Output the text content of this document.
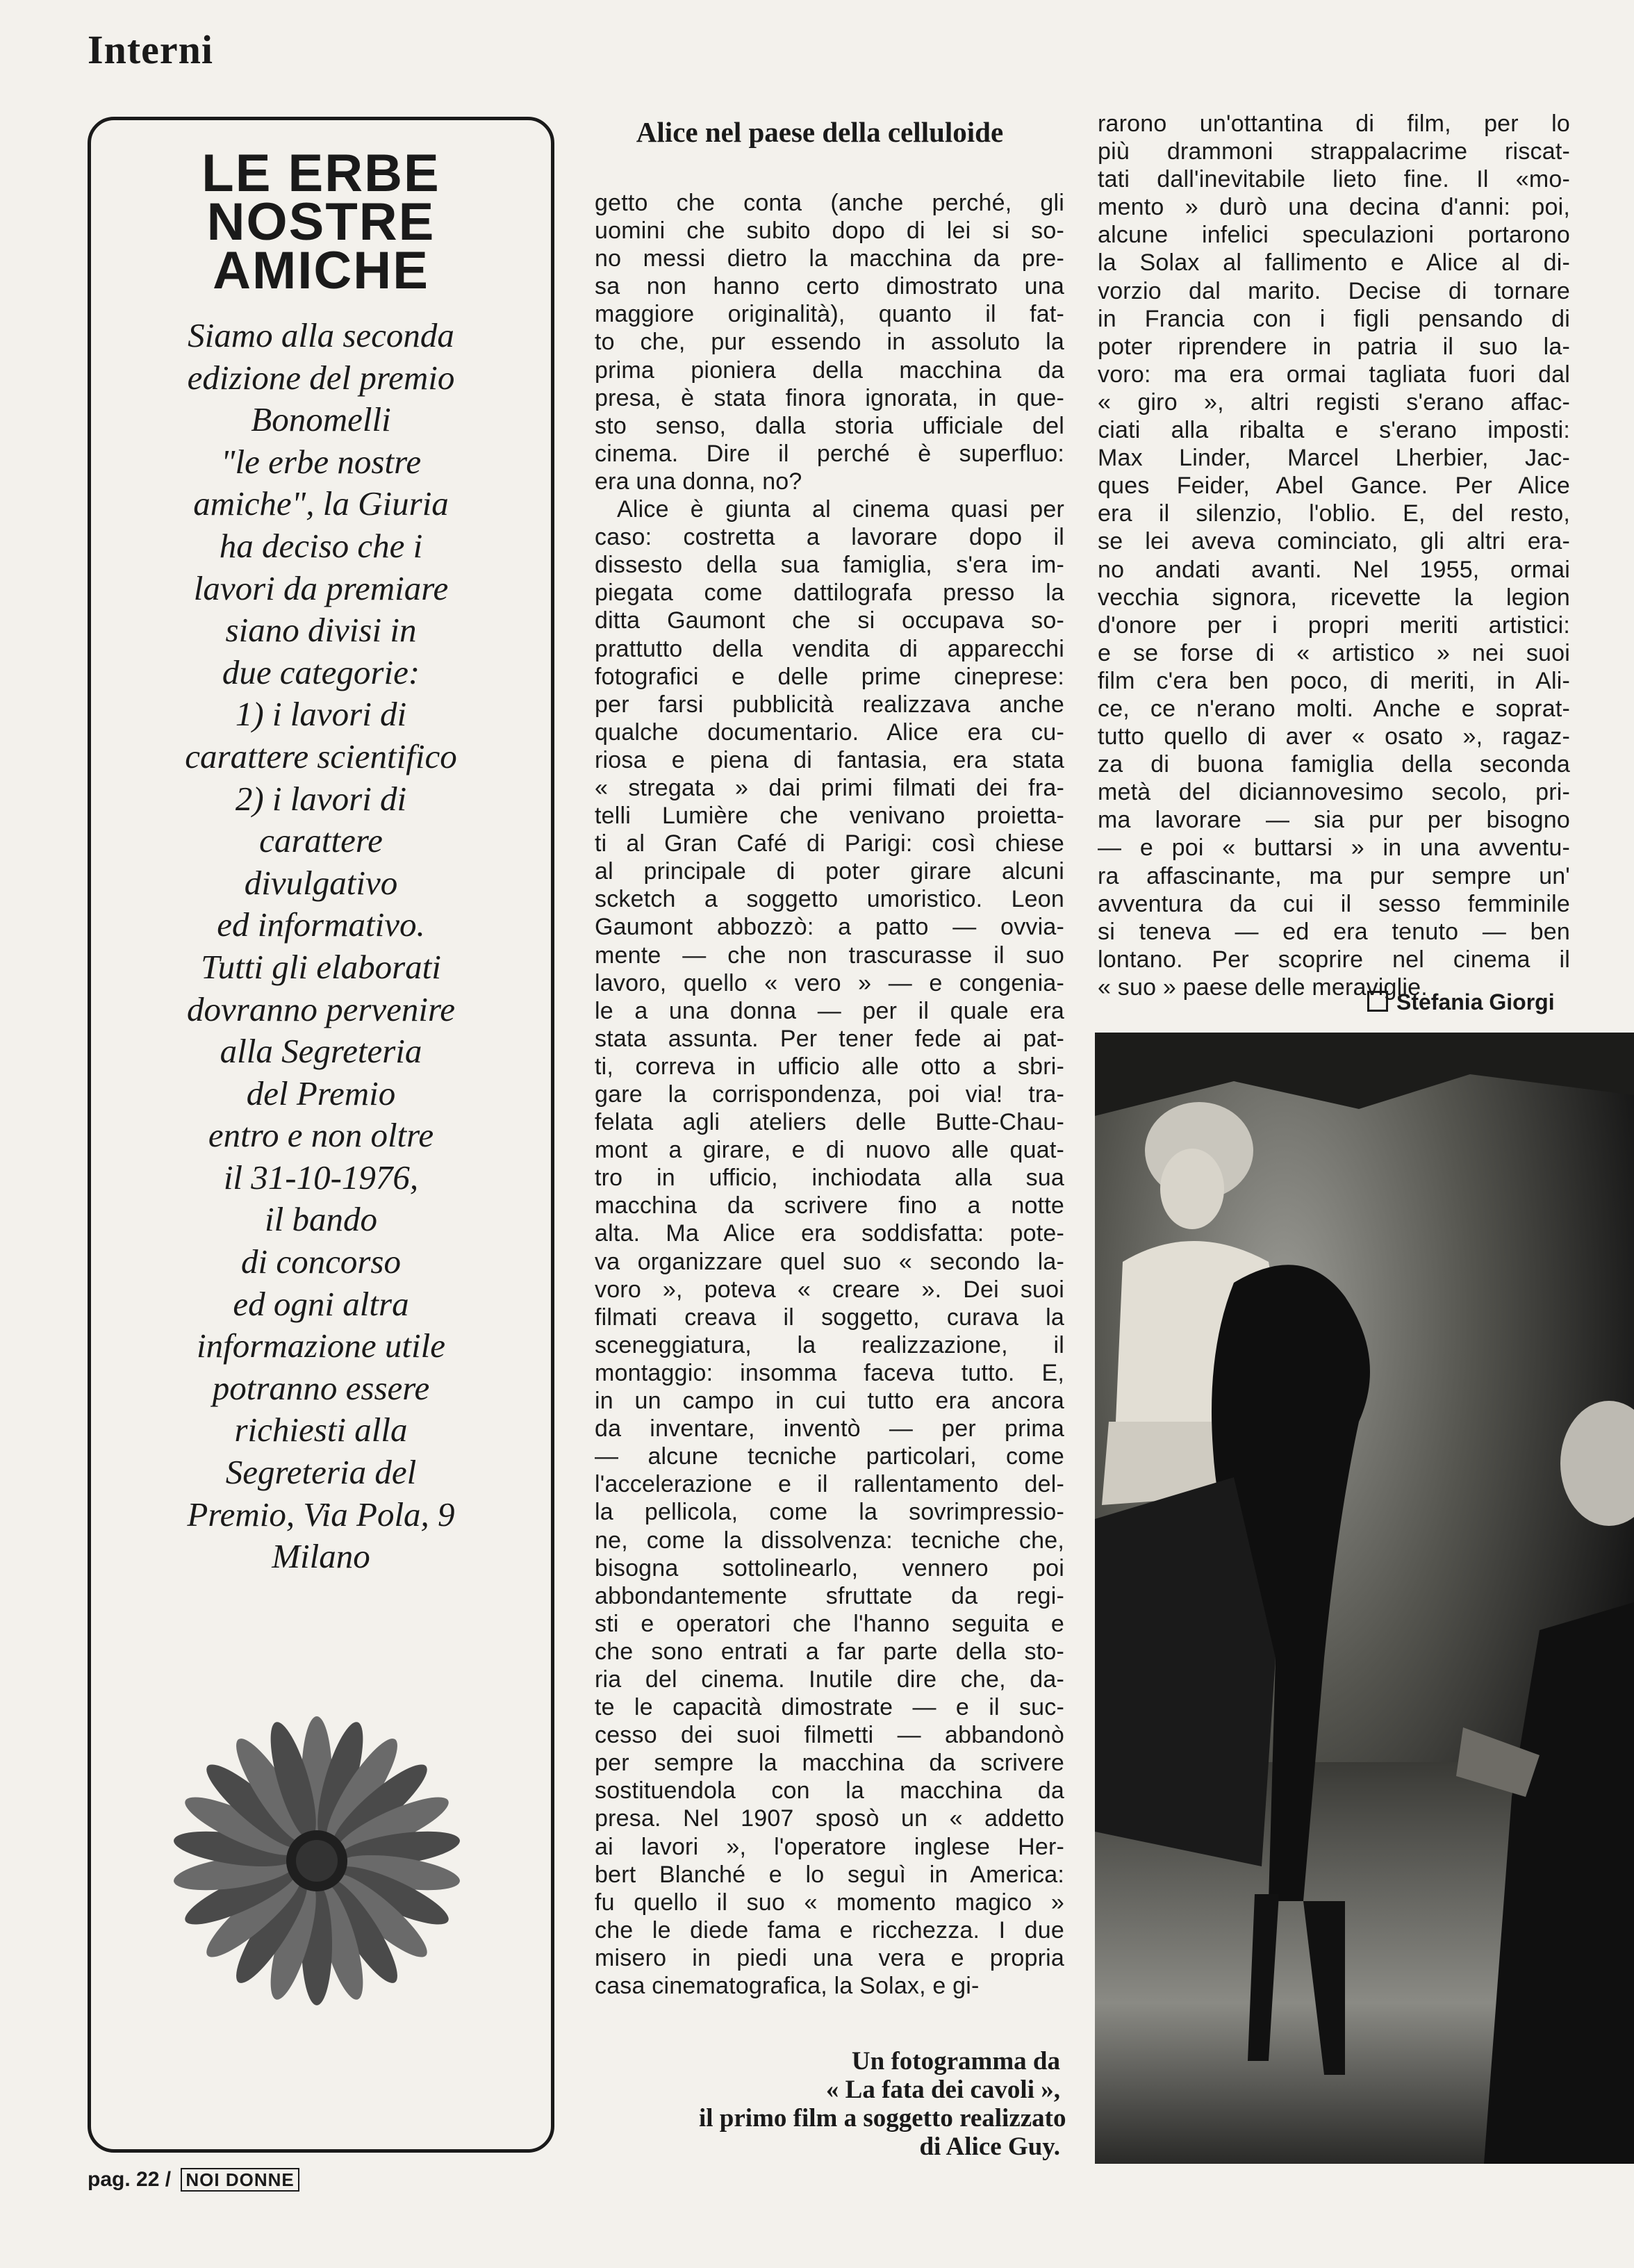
Interni
LE ERBE
NOSTRE
AMICHE
Siamo alla seconda
edizione del premio
Bonomelli
"le erbe nostre
amiche", la Giuria
ha deciso che i
lavori da premiare
siano divisi in
due categorie:
1) i lavori di
carattere scientifico
2) i lavori di
carattere
divulgativo
ed informativo.
Tutti gli elaborati
dovranno pervenire
alla Segreteria
del Premio
entro e non oltre
il 31-10-1976,
il bando
di concorso
ed ogni altra
informazione utile
potranno essere
richiesti alla
Segreteria del
Premio, Via Pola, 9
Milano
Alice nel paese della celluloide
getto che conta (anche perché, gli
uomini che subito dopo di lei si so-
no messi dietro la macchina da pre-
sa non hanno certo dimostrato una
maggiore originalità), quanto il fat-
to che, pur essendo in assoluto la
prima pioniera della macchina da
presa, è stata finora ignorata, in que-
sto senso, dalla storia ufficiale del
cinema. Dire il perché è superfluo:
era una donna, no?
Alice è giunta al cinema quasi per
caso: costretta a lavorare dopo il
dissesto della sua famiglia, s'era im-
piegata come dattilografa presso la
ditta Gaumont che si occupava so-
prattutto della vendita di apparecchi
fotografici e delle prime cineprese:
per farsi pubblicità realizzava anche
qualche documentario. Alice era cu-
riosa e piena di fantasia, era stata
« stregata » dai primi filmati dei fra-
telli Lumière che venivano proietta-
ti al Gran Café di Parigi: così chiese
al principale di poter girare alcuni
scketch a soggetto umoristico. Leon
Gaumont abbozzò: a patto — ovvia-
mente — che non trascurasse il suo
lavoro, quello « vero » — e congenia-
le a una donna — per il quale era
stata assunta. Per tener fede ai pat-
ti, correva in ufficio alle otto a sbri-
gare la corrispondenza, poi via! tra-
felata agli ateliers delle Butte-Chau-
mont a girare, e di nuovo alle quat-
tro in ufficio, inchiodata alla sua
macchina da scrivere fino a notte
alta. Ma Alice era soddisfatta: pote-
va organizzare quel suo « secondo la-
voro », poteva « creare ». Dei suoi
filmati creava il soggetto, curava la
sceneggiatura, la realizzazione, il
montaggio: insomma faceva tutto. E,
in un campo in cui tutto era ancora
da inventare, inventò — per prima
— alcune tecniche particolari, come
l'accelerazione e il rallentamento del-
la pellicola, come la sovrimpressio-
ne, come la dissolvenza: tecniche che,
bisogna sottolinearlo, vennero poi
abbondantemente sfruttate da regi-
sti e operatori che l'hanno seguita e
che sono entrati a far parte della sto-
ria del cinema. Inutile dire che, da-
te le capacità dimostrate — e il suc-
cesso dei suoi filmetti — abbandonò
per sempre la macchina da scrivere
sostituendola con la macchina da
presa. Nel 1907 sposò un « addetto
ai lavori », l'operatore inglese Her-
bert Blanché e lo seguì in America:
fu quello il suo « momento magico »
che le diede fama e ricchezza. I due
misero in piedi una vera e propria
casa cinematografica, la Solax, e gi-
rarono un'ottantina di film, per lo
più drammoni strappalacrime riscat-
tati dall'inevitabile lieto fine. Il «mo-
mento » durò una decina d'anni: poi,
alcune infelici speculazioni portarono
la Solax al fallimento e Alice al di-
vorzio dal marito. Decise di tornare
in Francia con i figli pensando di
poter riprendere in patria il suo la-
voro: ma era ormai tagliata fuori dal
« giro », altri registi s'erano affac-
ciati alla ribalta e s'erano imposti:
Max Linder, Marcel Lherbier, Jac-
ques Feider, Abel Gance. Per Alice
era il silenzio, l'oblio. E, del resto,
se lei aveva cominciato, gli altri era-
no andati avanti. Nel 1955, ormai
vecchia signora, ricevette la legion
d'onore per i propri meriti artistici:
e se forse di « artistico » nei suoi
film c'era ben poco, di meriti, in Ali-
ce, ce n'erano molti. Anche e soprat-
tutto quello di aver « osato », ragaz-
za di buona famiglia della seconda
metà del diciannovesimo secolo, pri-
ma lavorare — sia pur per bisogno
— e poi « buttarsi » in una avventu-
ra affascinante, ma pur sempre un'
avventura da cui il sesso femminile
si teneva — ed era tenuto — ben
lontano. Per scoprire nel cinema il
« suo » paese delle meraviglie.
Stefania Giorgi
Un fotogramma da
« La fata dei cavoli »,
il primo film a soggetto realizzato
di Alice Guy.
pag. 22 / NOI DONNE
